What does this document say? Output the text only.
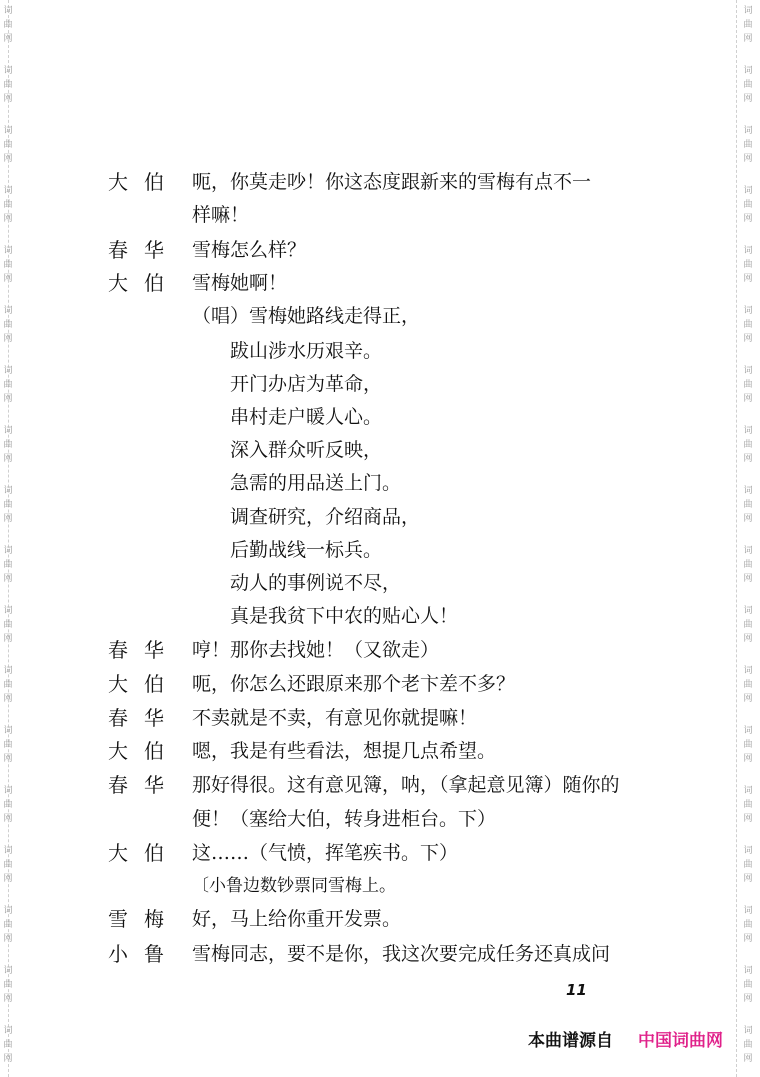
词
曲
网
词
曲
网
词
曲
网
词
曲
网
词
曲
网
词
曲
网
词
曲
网
词
曲
网
词
曲
网
词
曲
网
词
曲
网
词
曲
网
词
曲
网
词
曲
网
词
曲
网
词
曲
网
词
曲
网
词
曲
网
词
曲
网
词
曲
网
词
曲
网
词
曲
网
词
曲
网
词
曲
网
词
曲
网
词
曲
网
词
曲
网
词
曲
网
词
曲
网
词
曲
网
词
曲
网
词
曲
网
词
曲
网
词
曲
网
词
曲
网
词
曲
网
大伯 呃，你莫走吵！你这态度跟新来的雪梅有点不一
样嘛！
春华 雪梅怎么样？
大伯 雪梅她啊！
（唱）雪梅她路线走得正，
跋山涉水历艰辛。
开门办店为革命，
串村走户暖人心。
深入群众听反映，
急需的用品送上门。
调查研究，介绍商品，
后勤战线一标兵。
动人的事例说不尽，
真是我贫下中农的贴心人！
春华 哼！那你去找她！（又欲走）
大伯 呃，你怎么还跟原来那个老卞差不多？
春华 不卖就是不卖，有意见你就提嘛！
大伯 嗯，我是有些看法，想提几点希望。
春华 那好得很。这有意见簿，呐，（拿起意见簿）随你的
便！（塞给大伯，转身进柜台。下）
大伯 这……（气愤，挥笔疾书。下）
〔小鲁边数钞票同雪梅上。
雪梅 好，马上给你重开发票。
小鲁 雪梅同志，要不是你，我这次要完成任务还真成问
11
本曲谱源自 中国词曲网
